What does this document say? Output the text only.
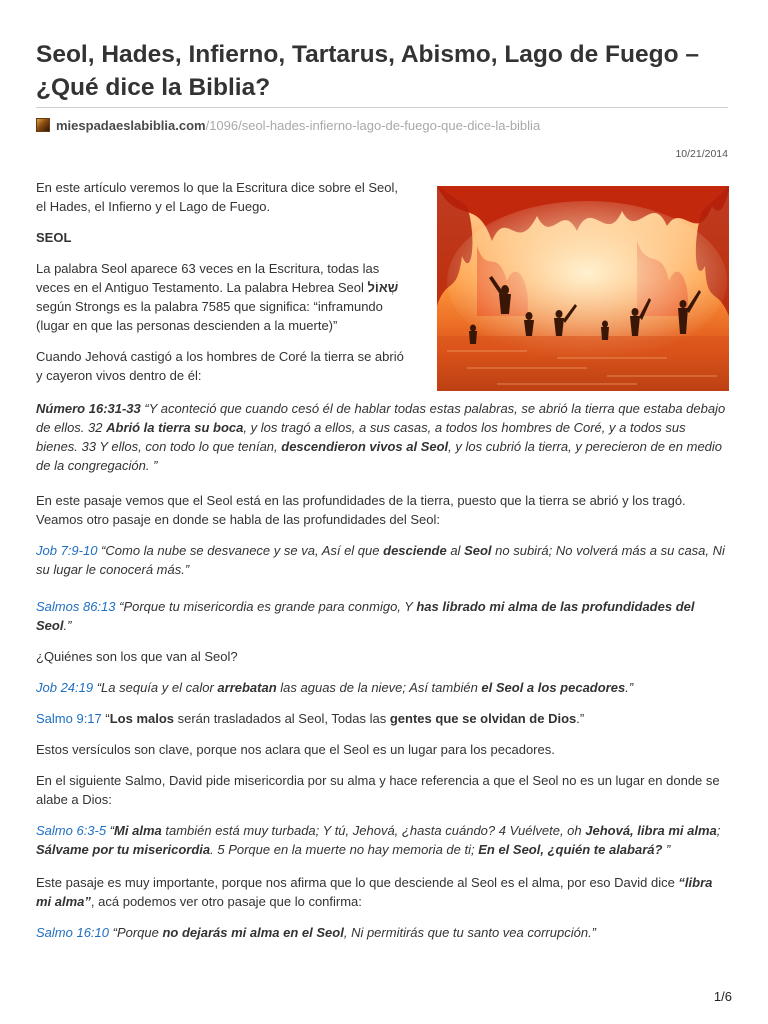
Seol, Hades, Infierno, Tartarus, Abismo, Lago de Fuego – ¿Qué dice la Biblia?
miespadaeslabiblia.com /1096/seol-hades-infierno-lago-de-fuego-que-dice-la-biblia
10/21/2014

En este artículo veremos lo que la Escritura dice sobre el Seol, el Hades, el Infierno y el Lago de Fuego.

SEOL

La palabra Seol aparece 63 veces en la Escritura, todas las veces en el Antiguo Testamento. La palabra Hebrea Seol שְׁאוֹל según Strongs es la palabra 7585 que significa: “inframundo (lugar en que las personas descienden a la muerte)”

Cuando Jehová castigó a los hombres de Coré la tierra se abrió y cayeron vivos dentro de él:

Número 16:31-33 “Y aconteció que cuando cesó él de hablar todas estas palabras, se abrió la tierra que estaba debajo de ellos. 32 Abrió la tierra su boca, y los tragó a ellos, a sus casas, a todos los hombres de Coré, y a todos sus bienes. 33 Y ellos, con todo lo que tenían, descendieron vivos al Seol, y los cubrió la tierra, y perecieron de en medio de la congregación. ”

En este pasaje vemos que el Seol está en las profundidades de la tierra, puesto que la tierra se abrió y los tragó. Veamos otro pasaje en donde se habla de las profundidades del Seol:

Job 7:9-10 “Como la nube se desvanece y se va, Así el que desciende al Seol no subirá; No volverá más a su casa, Ni su lugar le conocerá más.”

Salmos 86:13 “Porque tu misericordia es grande para conmigo, Y has librado mi alma de las profundidades del Seol.”

¿Quiénes son los que van al Seol?

Job 24:19 “La sequía y el calor arrebatan las aguas de la nieve; Así también el Seol a los pecadores.”

Salmo 9:17 “Los malos serán trasladados al Seol, Todas las gentes que se olvidan de Dios.”

Estos versículos son clave, porque nos aclara que el Seol es un lugar para los pecadores.

En el siguiente Salmo, David pide misericordia por su alma y hace referencia a que el Seol no es un lugar en donde se alabe a Dios:

Salmo 6:3-5 “Mi alma también está muy turbada; Y tú, Jehová, ¿hasta cuándo? 4 Vuélvete, oh Jehová, libra mi alma; Sálvame por tu misericordia. 5 Porque en la muerte no hay memoria de ti; En el Seol, ¿quién te alabará? ”

Este pasaje es muy importante, porque nos afirma que lo que desciende al Seol es el alma, por eso David dice “libra mi alma”, acá podemos ver otro pasaje que lo confirma:

Salmo 16:10 “Porque no dejarás mi alma en el Seol, Ni permitirás que tu santo vea corrupción.”

1/6
